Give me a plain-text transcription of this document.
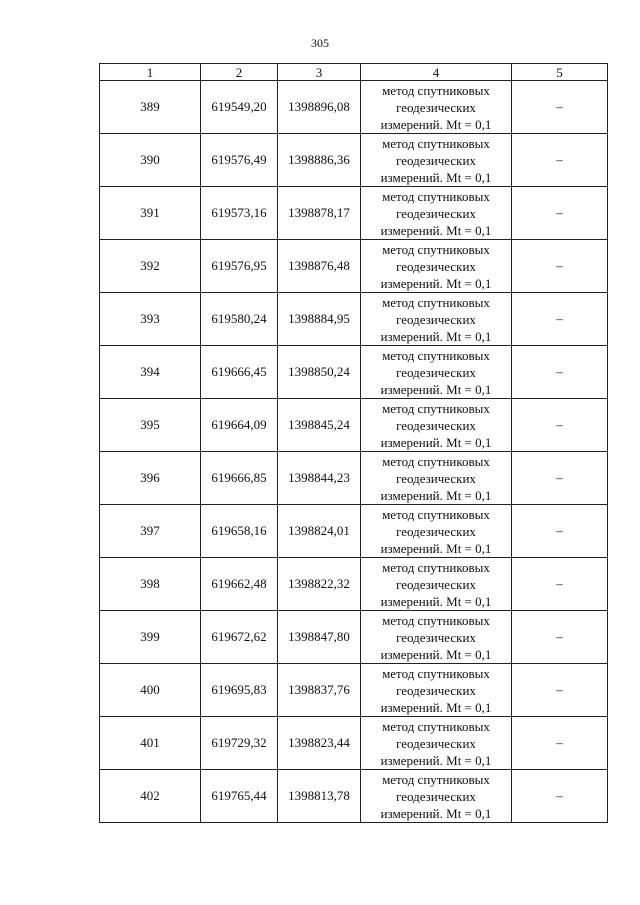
305
1	2	3	4	5
389	619549,20	1398896,08	метод спутниковых
геодезических
измерений. Mt = 0,1	–
390	619576,49	1398886,36	метод спутниковых
геодезических
измерений. Mt = 0,1	–
391	619573,16	1398878,17	метод спутниковых
геодезических
измерений. Mt = 0,1	–
392	619576,95	1398876,48	метод спутниковых
геодезических
измерений. Mt = 0,1	–
393	619580,24	1398884,95	метод спутниковых
геодезических
измерений. Mt = 0,1	–
394	619666,45	1398850,24	метод спутниковых
геодезических
измерений. Mt = 0,1	–
395	619664,09	1398845,24	метод спутниковых
геодезических
измерений. Mt = 0,1	–
396	619666,85	1398844,23	метод спутниковых
геодезических
измерений. Mt = 0,1	–
397	619658,16	1398824,01	метод спутниковых
геодезических
измерений. Mt = 0,1	–
398	619662,48	1398822,32	метод спутниковых
геодезических
измерений. Mt = 0,1	–
399	619672,62	1398847,80	метод спутниковых
геодезических
измерений. Mt = 0,1	–
400	619695,83	1398837,76	метод спутниковых
геодезических
измерений. Mt = 0,1	–
401	619729,32	1398823,44	метод спутниковых
геодезических
измерений. Mt = 0,1	–
402	619765,44	1398813,78	метод спутниковых
геодезических
измерений. Mt = 0,1	–
